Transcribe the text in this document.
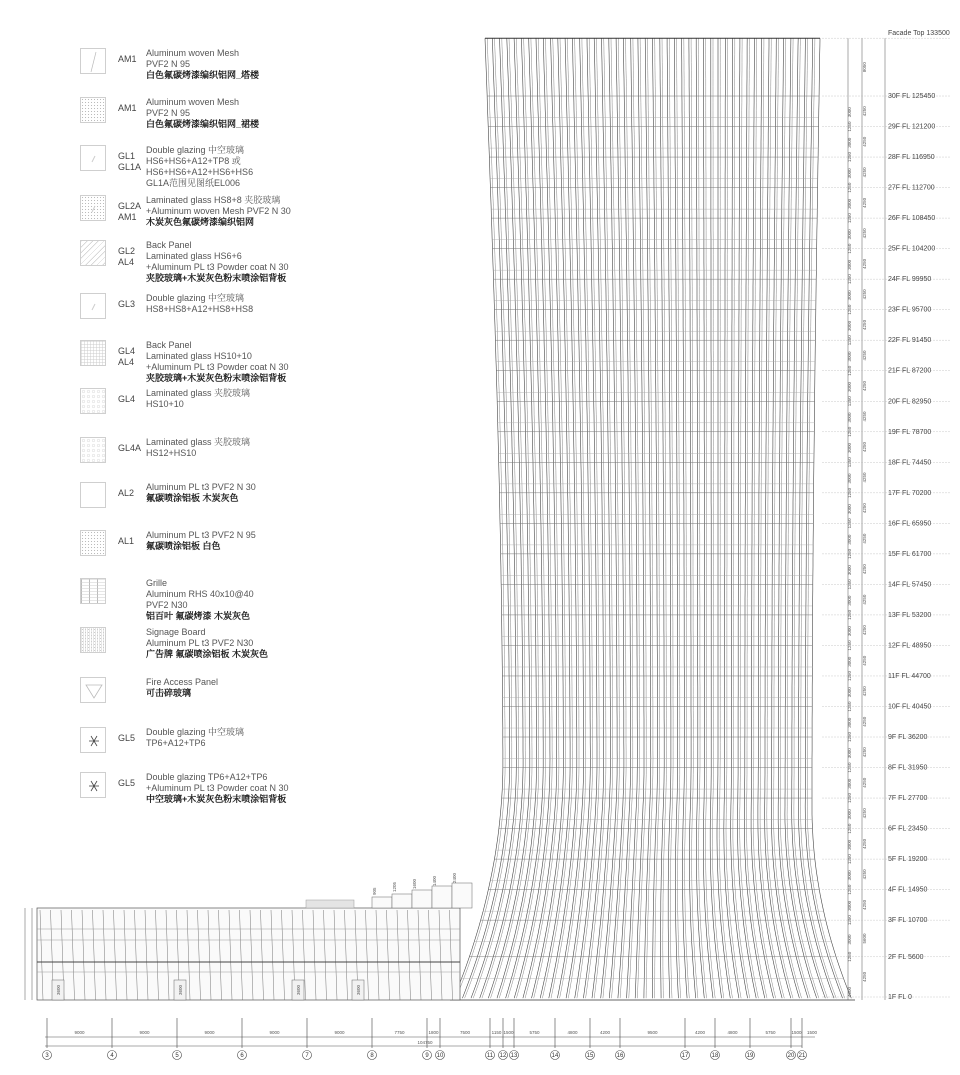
AM1
Aluminum woven Mesh
PVF2 N 95
白色氟碳烤漆编织铝网_塔楼
AM1
Aluminum woven Mesh
PVF2 N 95
白色氟碳烤漆编织铝网_裙楼
GL1
GL1A
Double glazing 中空玻璃
HS6+HS6+A12+TP8 或
HS6+HS6+A12+HS6+HS6
GL1A范围见图纸EL006
GL2A
AM1
Laminated glass HS8+8 夹胶玻璃
+Aluminum woven Mesh PVF2 N 30
木炭灰色氟碳烤漆编织铝网
GL2
AL4
Back Panel
Laminated glass HS6+6
+Aluminum PL t3 Powder coat N 30
夹胶玻璃+木炭灰色粉末喷涂铝背板
GL3
Double glazing 中空玻璃
HS8+HS8+A12+HS8+HS8
GL4
AL4
Back Panel
Laminated glass HS10+10
+Aluminum PL t3 Powder coat N 30
夹胶玻璃+木炭灰色粉末喷涂铝背板
GL4
Laminated glass 夹胶玻璃
HS10+10
GL4A
Laminated glass 夹胶玻璃
HS12+HS10
AL2
Aluminum PL t3 PVF2 N 30
氟碳喷涂铝板 木炭灰色
AL1
Aluminum PL t3 PVF2 N 95
氟碳喷涂铝板 白色
Grille
Aluminum RHS 40x10@40
PVF2 N30
铝百叶 氟碳烤漆 木炭灰色
Signage Board
Aluminum PL t3 PVF2 N30
广告牌 氟碳喷涂铝板 木炭灰色
Fire Access Panel
可击碎玻璃
GL5
Double glazing 中空玻璃
TP6+A12+TP6
GL5
Double glazing TP6+A12+TP6
+Aluminum PL t3 Powder coat N 30
中空玻璃+木炭灰色粉末喷涂铝背板
3600	3600	3600	3600
905	1205	1600	1400	2400
Facade Top 133500
30F FL 125450
8050
29F FL 121200
4250
3000
1250
28F FL 116950
4250
3000
1250
27F FL 112700
4250
3000
1250
26F FL 108450
4250
3000
1250
25F FL 104200
4250
3000
1250
24F FL 99950
4250
3000
1250
23F FL 95700
4250
3000
1250
22F FL 91450
4250
3000
1250
21F FL 87200
4250
3000
1250
20F FL 82950
4250
3000
1250
19F FL 78700
4250
3000
1250
18F FL 74450
4250
3000
1250
17F FL 70200
4250
3000
1250
16F FL 65950
4250
3000
1250
15F FL 61700
4250
3000
1250
14F FL 57450
4250
3000
1250
13F FL 53200
4250
3000
1250
12F FL 48950
4250
3000
1250
11F FL 44700
4250
3000
1250
10F FL 40450
4250
3000
1250
9F FL 36200
4250
3000
1250
8F FL 31950
4250
3000
1250
7F FL 27700
4250
3000
1250
6F FL 23450
4250
3000
1250
5F FL 19200
4250
3000
1250
4F FL 14950
4250
3000
1250
3F FL 10700
4250
3000
1250
2F FL 5600
5600
3000
1250
1F FL 0
4250
4600
3
9000
4
9000
5
9000
6
9000
7
9000
8
7750
9
1800
10
7500
11
1150
12
1500
13
5750
14
4800
15
4200
16
9500
17
4200
18
4800
19
5750
20
1500
21
1500
104750
